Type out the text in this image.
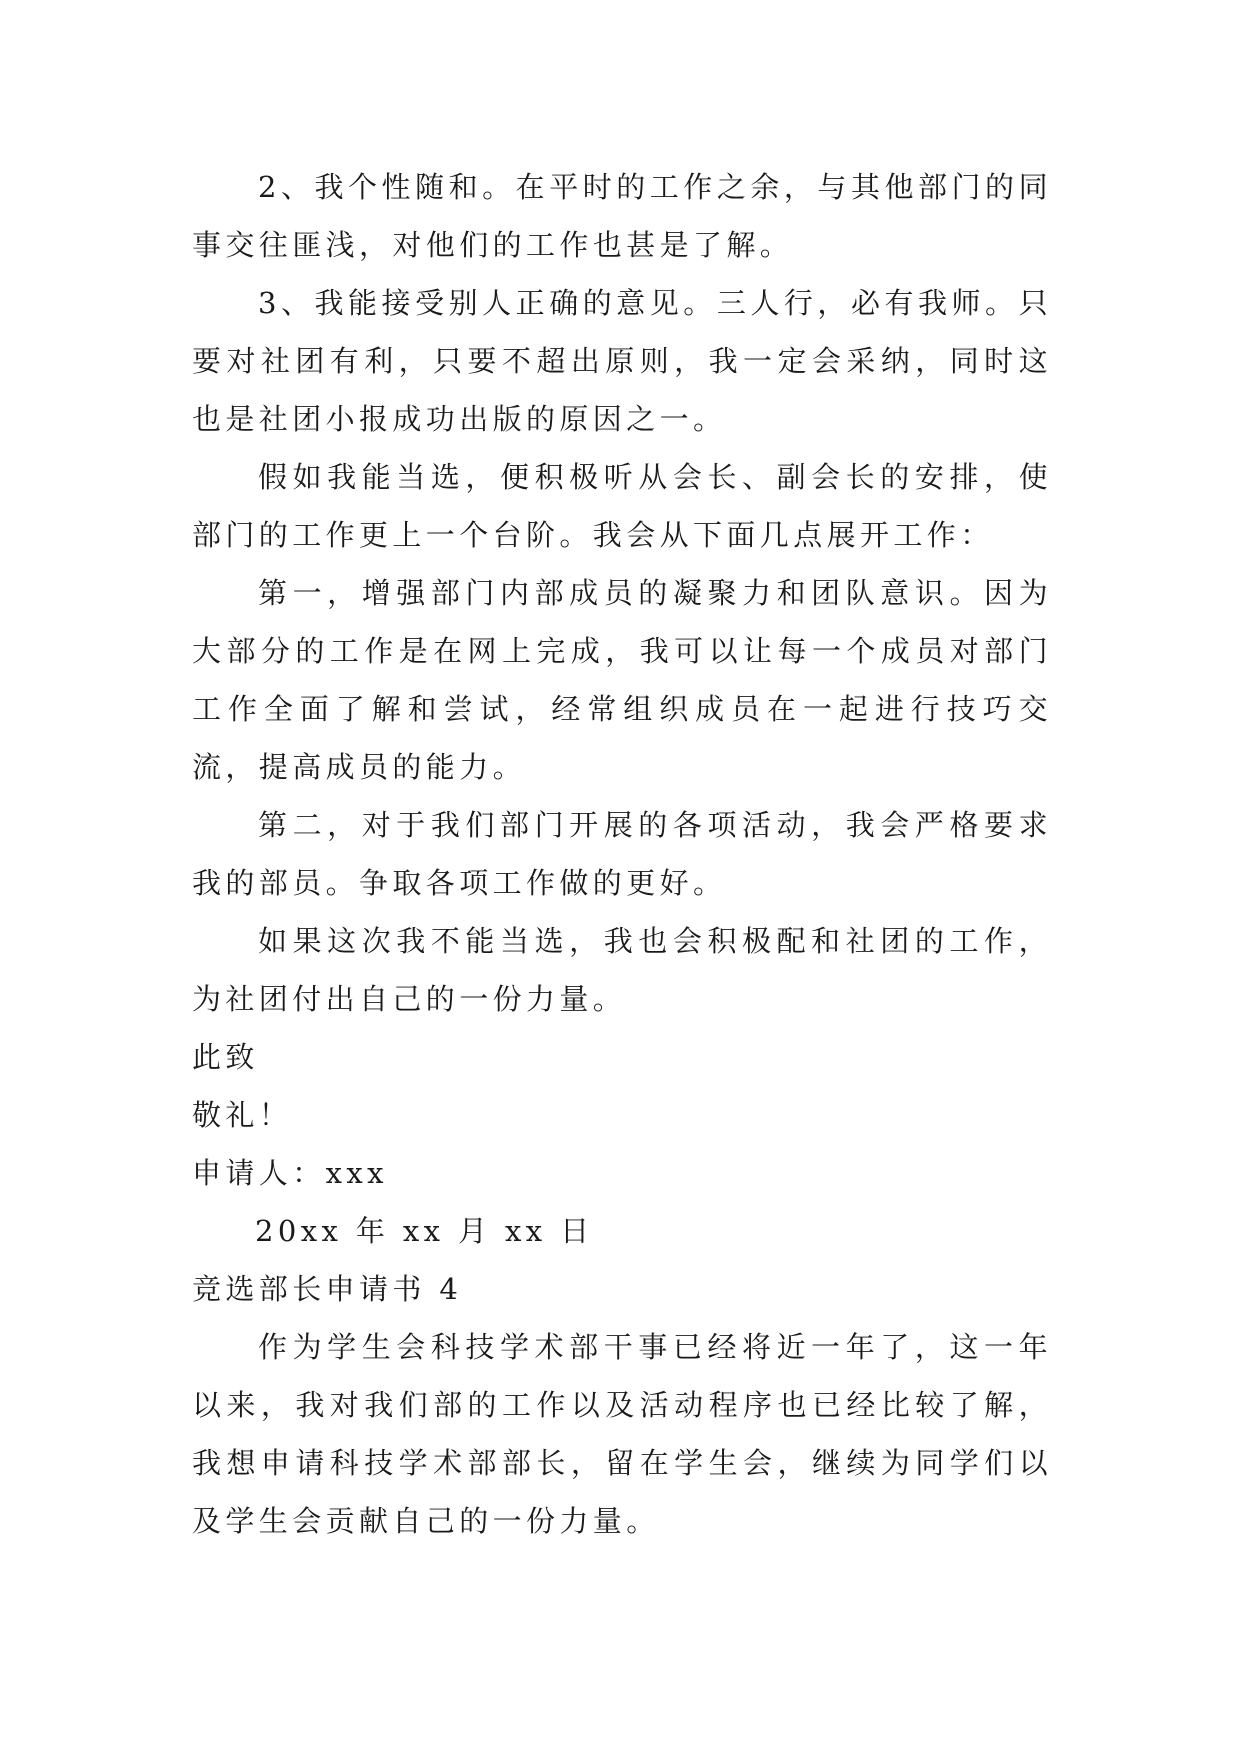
2、我个性随和。在平时的工作之余，与其他部门的同事交往匪浅，对他们的工作也甚是了解。

3、我能接受别人正确的意见。三人行，必有我师。只要对社团有利，只要不超出原则，我一定会采纳，同时这也是社团小报成功出版的原因之一。

假如我能当选，便积极听从会长、副会长的安排，使部门的工作更上一个台阶。我会从下面几点展开工作：

第一，增强部门内部成员的凝聚力和团队意识。因为大部分的工作是在网上完成，我可以让每一个成员对部门工作全面了解和尝试，经常组织成员在一起进行技巧交流，提高成员的能力。

第二，对于我们部门开展的各项活动，我会严格要求我的部员。争取各项工作做的更好。

如果这次我不能当选，我也会积极配和社团的工作，为社团付出自己的一份力量。

此致

敬礼！

申请人：xxx

20xx 年 xx 月 xx 日

竞选部长申请书 4

作为学生会科技学术部干事已经将近一年了，这一年以来，我对我们部的工作以及活动程序也已经比较了解，我想申请科技学术部部长，留在学生会，继续为同学们以及学生会贡献自己的一份力量。
